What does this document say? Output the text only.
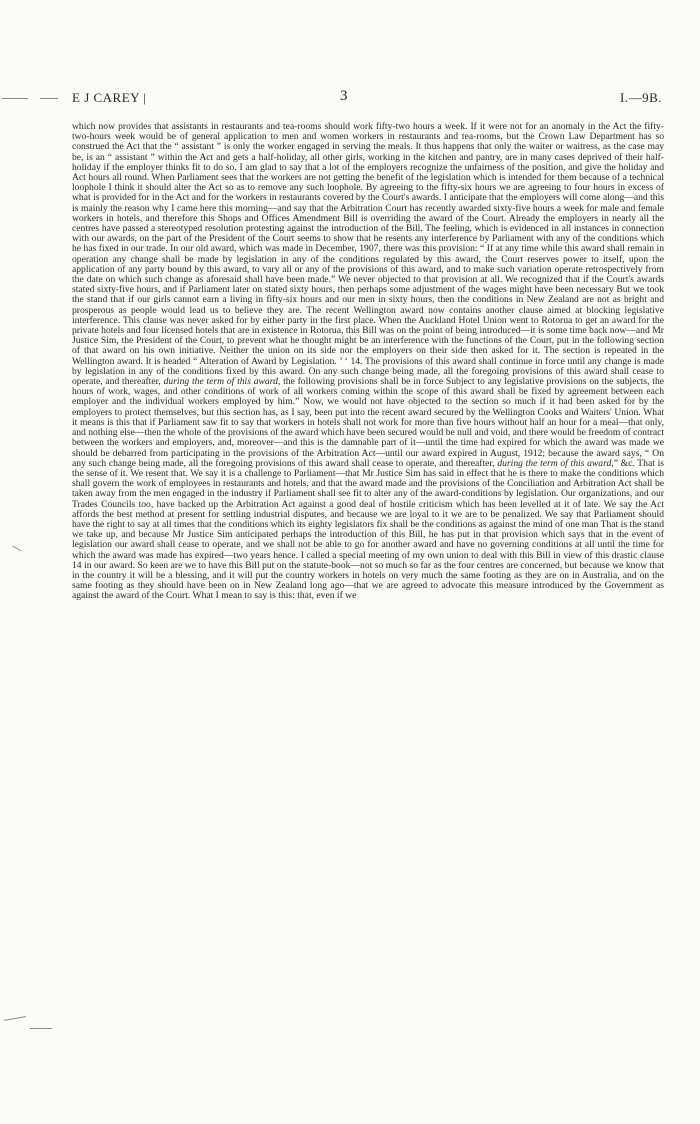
E J CAREY |	3	I.—9B.

which now provides that assistants in restaurants and tea-rooms should work fifty-two hours a week. If it were not for an anomaly in the Act the fifty-two-hours week would be of general application to men and women workers in restaurants and tea-rooms, but the Crown Law Department has so construed the Act that the “ assistant ” is only the worker engaged in serving the meals. It thus happens that only the waiter or waitress, as the case may be, is an “ assistant ” within the Act and gets a half-holiday, all other girls, working in the kitchen and pantry, are in many cases deprived of their half-holiday if the employer thinks fit to do so. I am glad to say that a lot of the employers recognize the unfairness of the position, and give the holiday and Act hours all round. When Parliament sees that the workers are not getting the benefit of the legislation which is intended for them because of a technical loophole I think it should alter the Act so as to remove any such loophole. By agreeing to the fifty-six hours we are agreeing to four hours in excess of what is provided for in the Act and for the workers in restaurants covered by the Court's awards. I anticipate that the employers will come along—and this is mainly the reason why I came here this morning—and say that the Arbitration Court has recently awarded sixty-five hours a week for male and female workers in hotels, and therefore this Shops and Offices Amendment Bill is overriding the award of the Court. Already the employers in nearly all the centres have passed a stereotyped resolution protesting against the introduction of the Bill. The feeling, which is evidenced in all instances in connection with our awards, on the part of the President of the Court seems to show that he resents any interference by Parliament with any of the conditions which he has fixed in our trade. In our old award, which was made in December, 1907, there was this provision: “ If at any time while this award shall remain in operation any change shall be made by legislation in any of the conditions regulated by this award, the Court reserves power to itself, upon the application of any party bound by this award, to vary all or any of the provisions of this award, and to make such variation operate retrospectively from the date on which such change as aforesaid shall have been made.” We never objected to that provision at all. We recognized that if the Court's awards stated sixty-five hours, and if Parliament later on stated sixty hours, then perhaps some adjustment of the wages might have been necessary But we took the stand that if our girls cannot earn a living in fifty-six hours and our men in sixty hours, then the conditions in New Zealand are not as bright and prosperous as people would lead us to believe they are. The recent Wellington award now contains another clause aimed at blocking legislative interference. This clause was never asked for by either party in the first place. When the Auckland Hotel Union went to Rotorua to get an award for the private hotels and four licensed hotels that are in existence in Rotorua, this Bill was on the point of being introduced—it is some time back now—and Mr Justice Sim, the President of the Court, to prevent what he thought might be an interference with the functions of the Court, put in the following section of that award on his own initiative. Neither the union on its side nor the employers on their side then asked for it. The section is repeated in the Wellington award. It is headed “ Alteration of Award by Legislation. ’ ‘ 14. The provisions of this award shall continue in force until any change is made by legislation in any of the conditions fixed by this award. On any such change being made, all the foregoing provisions of this award shall cease to operate, and thereafter, during the term of this award, the following provisions shall be in force Subject to any legislative provisions on the subjects, the hours of work, wages, and other conditions of work of all workers coming within the scope of this award shall be fixed by agreement between each employer and the individual workers employed by him.” Now, we would not have objected to the section so much if it had been asked for by the employers to protect themselves, but this section has, as I say, been put into the recent award secured by the Wellington Cooks and Waiters' Union. What it means is this that if Parliament saw fit to say that workers in hotels shall not work for more than five hours without half an hour for a meal—that only, and nothing else—then the whole of the provisions of the award which have been secured would be null and void, and there would be freedom of contract between the workers and employers, and, moreover—and this is the damnable part of it—until the time had expired for which the award was made we should be debarred from participating in the provisions of the Arbitration Act—until our award expired in August, 1912; because the award says, “ On any such change being made, all the foregoing provisions of this award shall cease to operate, and thereafter, during the term of this award,” &c. That is the sense of it. We resent that. We say it is a challenge to Parliament—that Mr Justice Sim has said in effect that he is there to make the conditions which shall govern the work of employees in restaurants and hotels, and that the award made and the provisions of the Conciliation and Arbitration Act shall be taken away from the men engaged in the industry if Parliament shall see fit to alter any of the award-conditions by legislation. Our organizations, and our Trades Councils too, have backed up the Arbitration Act against a good deal of hostile criticism which has been levelled at it of late. We say the Act affords the best method at present for settling industrial disputes, and because we are loyal to it we are to be penalized. We say that Parliament should have the right to say at all times that the conditions which its eighty legislators fix shall be the conditions as against the mind of one man That is the stand we take up, and because Mr Justice Sim anticipated perhaps the introduction of this Bill, he has put in that provision which says that in the event of legislation our award shall cease to operate, and we shall not be able to go for another award and have no governing conditions at all until the time for which the award was made has expired—two years hence. I called a special meeting of my own union to deal with this Bill in view of this drastic clause 14 in our award. So keen are we to have this Bill put on the statute-book—not so much so far as the four centres are concerned, but because we know that in the country it will be a blessing, and it will put the country workers in hotels on very much the same footing as they are on in Australia, and on the same footing as they should have been on in New Zealand long ago—that we are agreed to advocate this measure introduced by the Government as against the award of the Court. What I mean to say is this: that, even if we
